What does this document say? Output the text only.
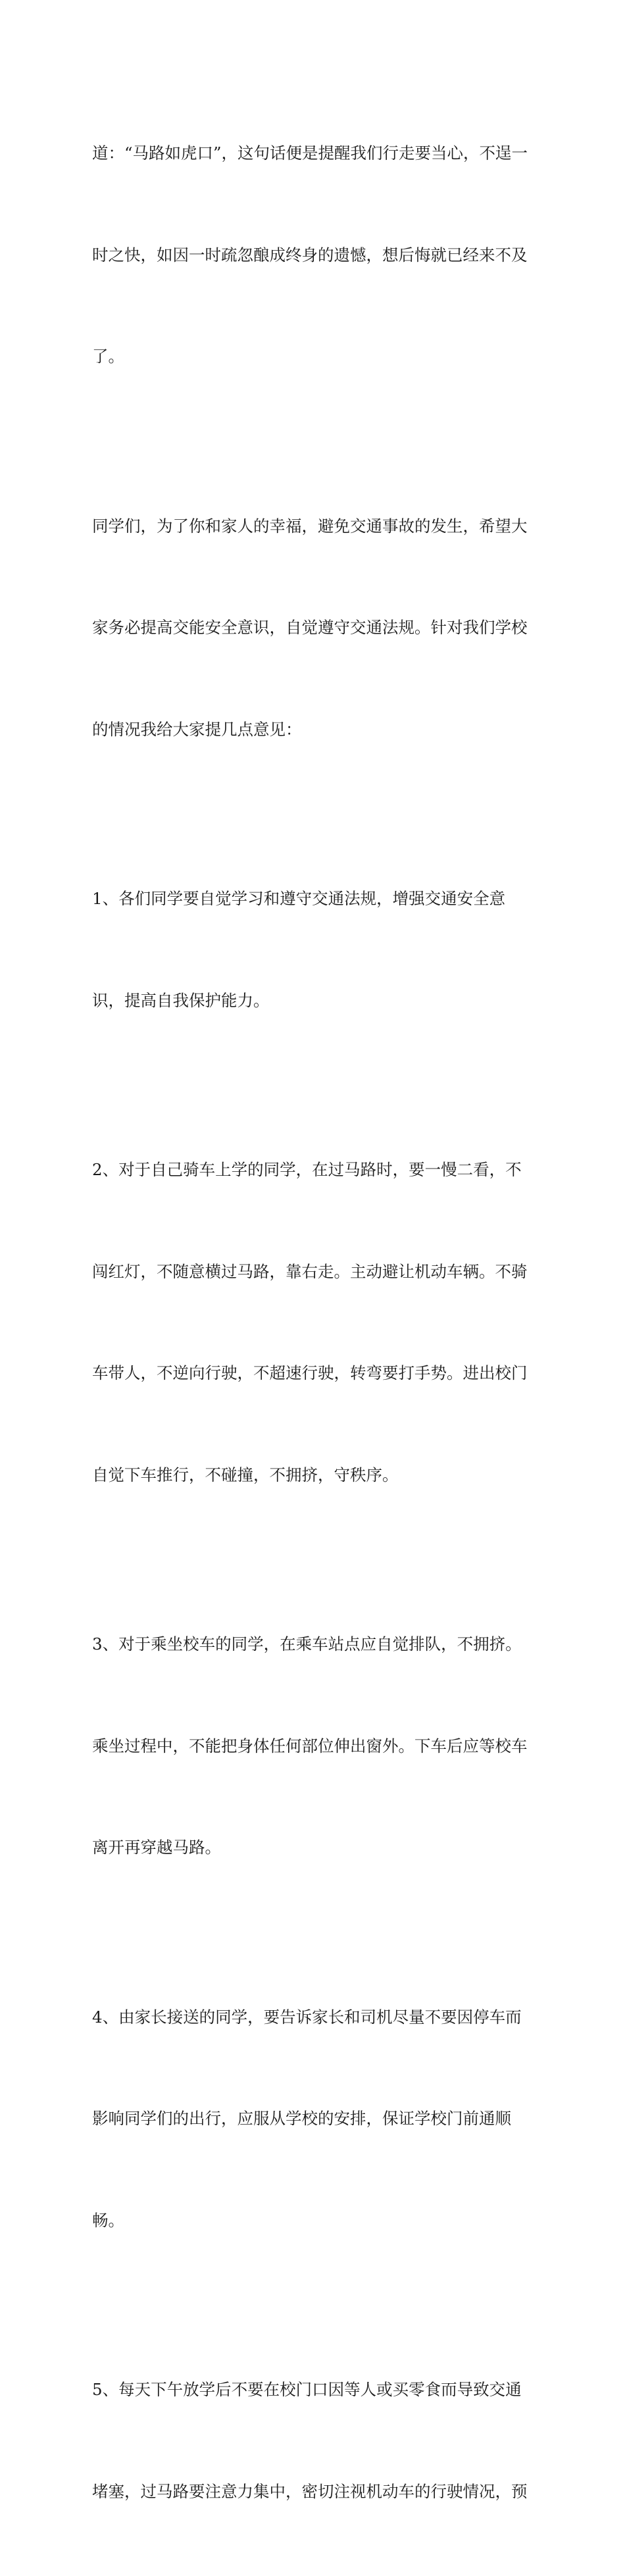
道：“马路如虎口”，这句话便是提醒我们行走要当心，不逞一

时之快，如因一时疏忽酿成终身的遗憾，想后悔就已经来不及

了。

同学们，为了你和家人的幸福，避免交通事故的发生，希望大

家务必提高交能安全意识，自觉遵守交通法规。针对我们学校

的情况我给大家提几点意见：

1、各们同学要自觉学习和遵守交通法规，增强交通安全意

识，提高自我保护能力。

2、对于自己骑车上学的同学，在过马路时，要一慢二看，不

闯红灯，不随意横过马路，靠右走。主动避让机动车辆。不骑

车带人，不逆向行驶，不超速行驶，转弯要打手势。进出校门

自觉下车推行，不碰撞，不拥挤，守秩序。

3、对于乘坐校车的同学，在乘车站点应自觉排队，不拥挤。

乘坐过程中，不能把身体任何部位伸出窗外。下车后应等校车

离开再穿越马路。

4、由家长接送的同学，要告诉家长和司机尽量不要因停车而

影响同学们的出行，应服从学校的安排，保证学校门前通顺

畅。

5、每天下午放学后不要在校门口因等人或买零食而导致交通

堵塞，过马路要注意力集中，密切注视机动车的行驶情况，预
